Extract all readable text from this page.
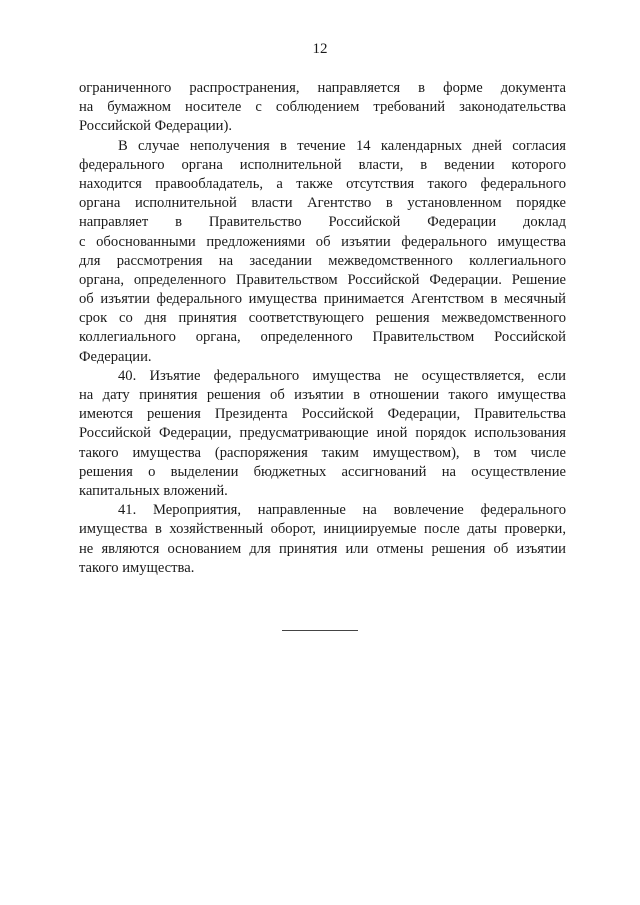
12
ограниченного распространения, направляется в форме документа
на бумажном носителе с соблюдением требований законодательства
Российской Федерации).
В случае неполучения в течение 14 календарных дней согласия
федерального органа исполнительной власти, в ведении которого
находится правообладатель, а также отсутствия такого федерального
органа исполнительной власти Агентство в установленном порядке
направляет в Правительство Российской Федерации доклад
с обоснованными предложениями об изъятии федерального имущества
для рассмотрения на заседании межведомственного коллегиального
органа, определенного Правительством Российской Федерации. Решение
об изъятии федерального имущества принимается Агентством в месячный
срок со дня принятия соответствующего решения межведомственного
коллегиального органа, определенного Правительством Российской
Федерации.
40. Изъятие федерального имущества не осуществляется, если
на дату принятия решения об изъятии в отношении такого имущества
имеются решения Президента Российской Федерации, Правительства
Российской Федерации, предусматривающие иной порядок использования
такого имущества (распоряжения таким имуществом), в том числе
решения о выделении бюджетных ассигнований на осуществление
капитальных вложений.
41. Мероприятия, направленные на вовлечение федерального
имущества в хозяйственный оборот, инициируемые после даты проверки,
не являются основанием для принятия или отмены решения об изъятии
такого имущества.
